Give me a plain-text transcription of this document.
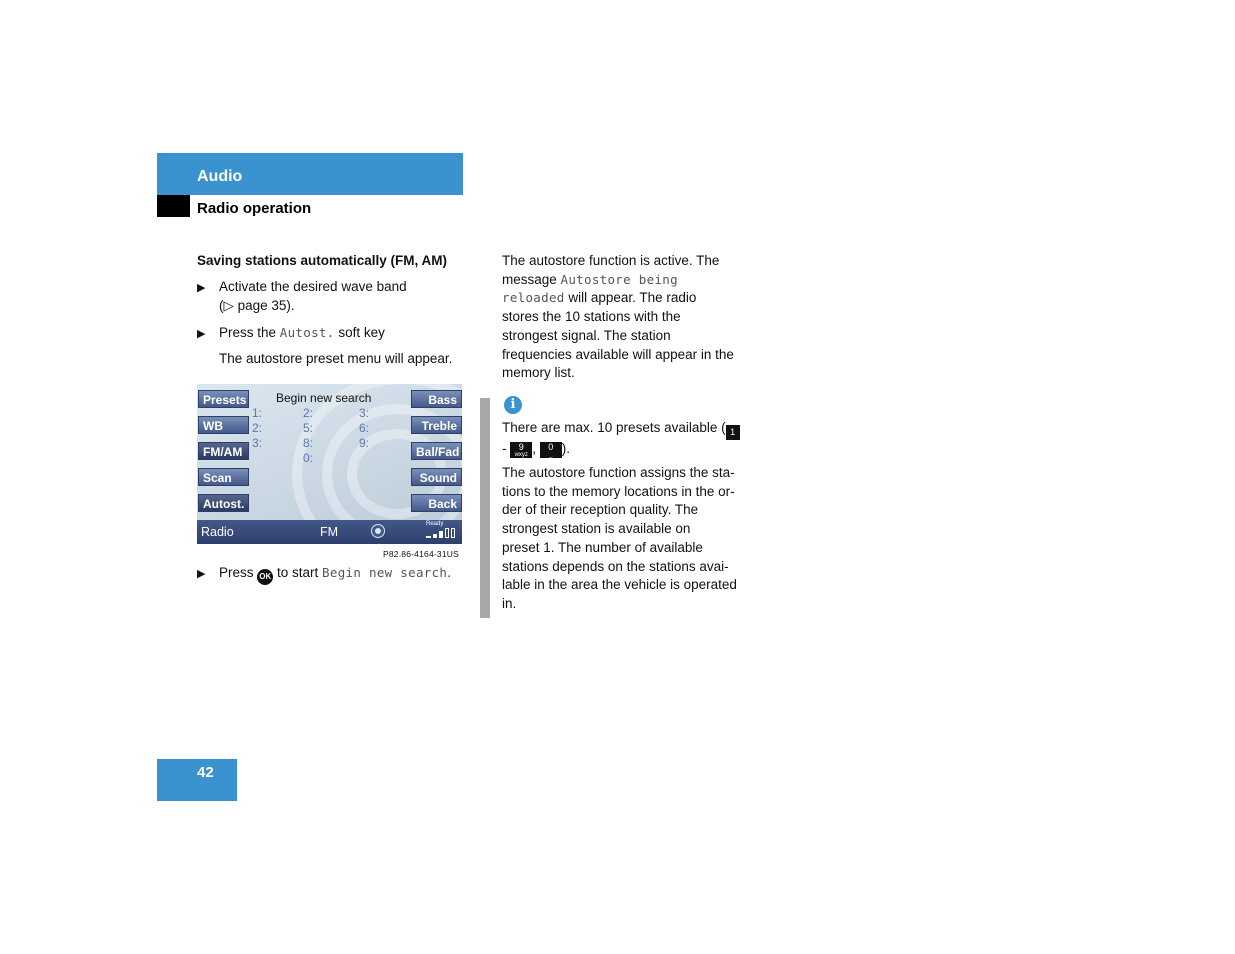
Audio
Radio operation
Saving stations automatically (FM, AM)
▶ Activate the desired wave band
(▷ page 35).
▶ Press the Autost. soft key
The autostore preset menu will appear.
Begin new search
Presets
WB
FM/AM
Scan
Autost.
Bass
Treble
Bal/Fad
Sound
Back
1:
2:
3:
2:
5:
8:
0:
3:
6:
9:
Radio	FM
Ready
P82.86-4164-31US
▶ Press OK to start Begin new search.
The autostore function is active. The
message Autostore being
reloaded will appear. The radio
stores the 10 stations with the
strongest signal. The station
frequencies available will appear in the
memory list.
i
There are max. 10 presets available ( 1
- 9
wxyz , 0
_ ).
The autostore function assigns the sta-
tions to the memory locations in the or-
der of their reception quality. The
strongest station is available on
preset 1. The number of available
stations depends on the stations avai-
lable in the area the vehicle is operated
in.
42
